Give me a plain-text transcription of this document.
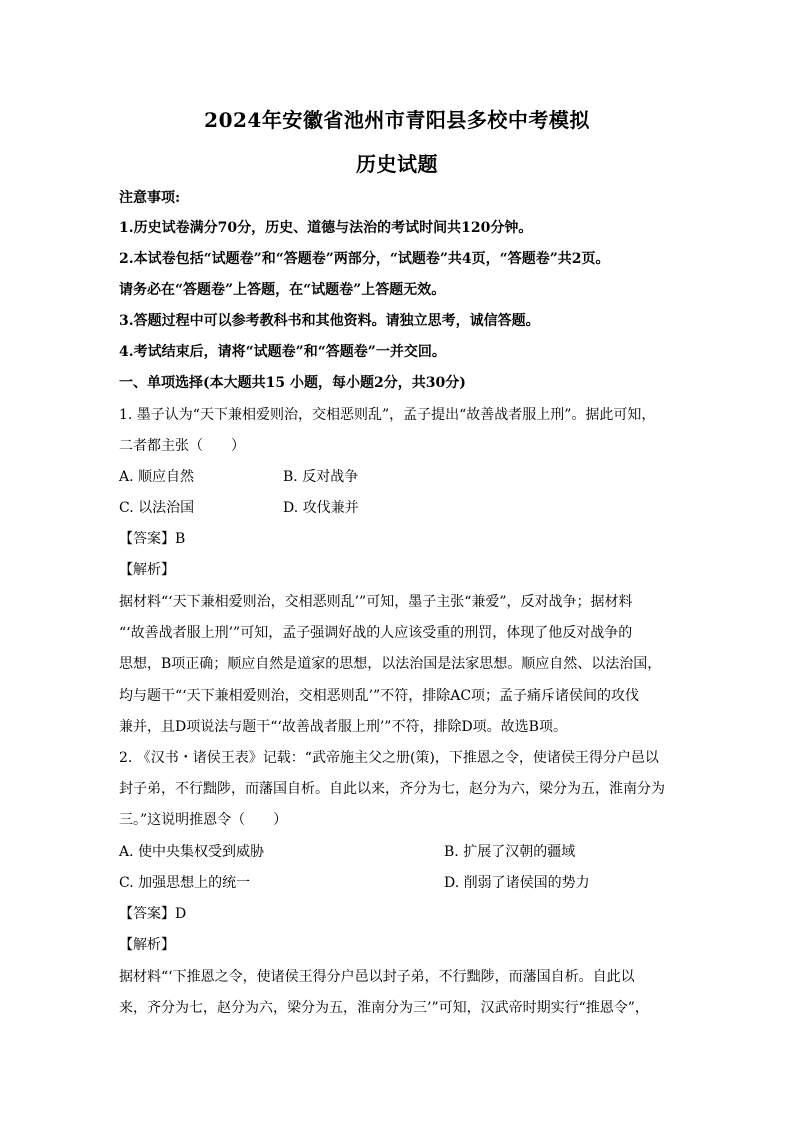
2024年安徽省池州市青阳县多校中考模拟
历史试题
注意事项:
1.历史试卷满分70分，历史、道德与法治的考试时间共120分钟。
2.本试卷包括“试题卷”和“答题卷”两部分，“试题卷”共4页，“答题卷”共2页。
请务必在“答题卷”上答题，在“试题卷”上答题无效。
3.答题过程中可以参考教科书和其他资料。请独立思考，诚信答题。
4.考试结束后，请将“试题卷”和“答题卷”一并交回。
一、单项选择(本大题共15 小题，每小题2分，共30分)
1. 墨子认为“天下兼相爱则治，交相恶则乱”，孟子提出“故善战者服上刑”。据此可知，
二者都主张（　　）
A. 顺应自然	B. 反对战争
C. 以法治国	D. 攻伐兼并
【答案】B
【解析】
据材料“‘天下兼相爱则治，交相恶则乱’”可知，墨子主张“兼爱”，反对战争；据材料
“‘故善战者服上刑’”可知，孟子强调好战的人应该受重的刑罚，体现了他反对战争的
思想，B项正确；顺应自然是道家的思想，以法治国是法家思想。顺应自然、以法治国，
均与题干“‘天下兼相爱则治，交相恶则乱’”不符，排除AC项；孟子痛斥诸侯间的攻伐
兼并，且D项说法与题干“‘故善战者服上刑’”不符，排除D项。故选B项。
2. 《汉书・诸侯王表》记载：“武帝施主父之册(策)，下推恩之令，使诸侯王得分户邑以
封子弟，不行黜陟，而藩国自析。自此以来，齐分为七，赵分为六，梁分为五，淮南分为
三。”这说明推恩令（　　）
A. 使中央集权受到威胁	B. 扩展了汉朝的疆域
C. 加强思想上的统一	D. 削弱了诸侯国的势力
【答案】D
【解析】
据材料“‘下推恩之令，使诸侯王得分户邑以封子弟，不行黜陟，而藩国自析。自此以
来，齐分为七，赵分为六，梁分为五，淮南分为三’”可知，汉武帝时期实行“推恩令”，
